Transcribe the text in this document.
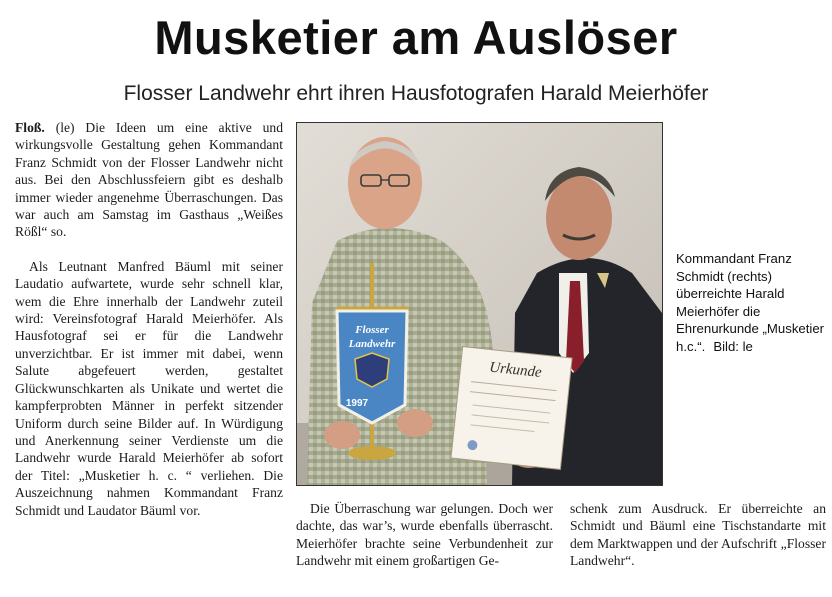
Musketier am Auslöser
Flosser Landwehr ehrt ihren Hausfotografen Harald Meierhöfer

Floß. (le) Die Ideen um eine aktive und wirkungsvolle Gestaltung gehen Kommandant Franz Schmidt von der Flosser Landwehr nicht aus. Bei den Abschlussfeiern gibt es deshalb immer wieder angenehme Überraschungen. Das war auch am Samstag im Gasthaus „Weißes Rößl“ so.

Als Leutnant Manfred Bäuml mit seiner Laudatio aufwartete, wurde sehr schnell klar, wem die Ehre innerhalb der Landwehr zuteil wird: Vereinsfotograf Harald Meierhöfer. Als Hausfotograf sei er für die Landwehr unverzichtbar. Er ist immer mit dabei, wenn Salute abgefeuert werden, gestaltet Glückwunschkarten als Unikate und wertet die kampferprobten Männer in perfekt sitzender Uniform durch seine Bilder auf. In Würdigung und Anerkennung seiner Verdienste um die Landwehr wurde Harald Meierhöfer ab sofort der Titel: „Musketier h. c. “ verliehen. Die Auszeichnung nahmen Kommandant Franz Schmidt und Laudator Bäuml vor.

Flosser
Landwehr
1997
Urkunde
Kommandant Franz Schmidt (rechts) überreichte Harald Meierhöfer die Ehrenurkunde „Musketier h.c.“. Bild: le

Die Überraschung war gelungen. Doch wer dachte, das war’s, wurde ebenfalls überrascht. Meierhöfer brachte seine Verbundenheit zur Landwehr mit einem großartigen Ge-

schenk zum Ausdruck. Er überreichte an Schmidt und Bäuml eine Tischstandarte mit dem Marktwappen und der Aufschrift „Flosser Landwehr“.
